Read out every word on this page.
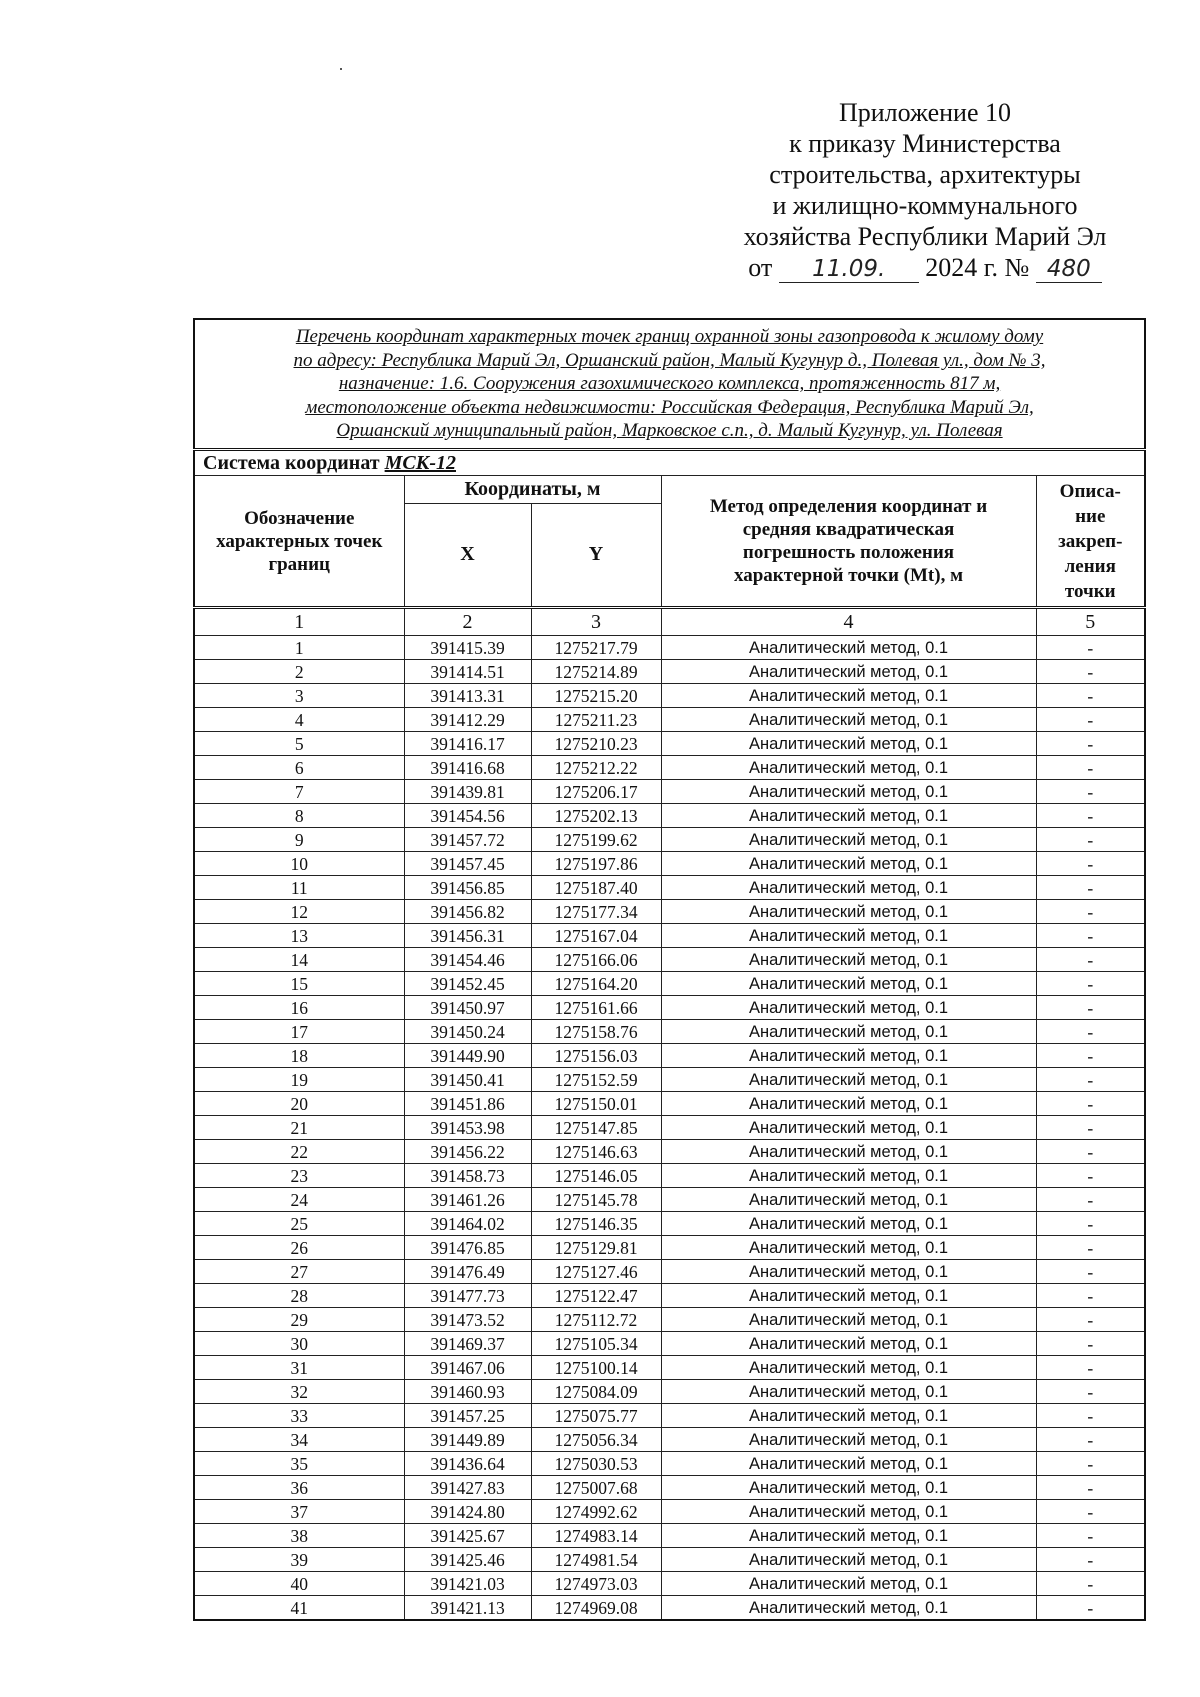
Приложение 10
к приказу Министерства
строительства, архитектуры
и жилищно-коммунального
хозяйства Республики Марий Эл
от 11.09. 2024 г. № 480
Перечень координат характерных точек границ охранной зоны газопровода к жилому дому
по адресу: Республика Марий Эл, Оршанский район, Малый Кугунур д., Полевая ул., дом № 3,
назначение: 1.6. Сооружения газохимического комплекса, протяженность 817 м,
местоположение объекта недвижимости: Российская Федерация, Республика Марий Эл,
Оршанский муниципальный район, Марковское с.п., д. Малый Кугунур, ул. Полевая				

Система координат МСК-12				
Обозначение
характерных точек
границ	Координаты, м		Метод определения координат и
средняя квадратическая
погрешность положения
характерной точки (Mt), м	Описа-
ние
закреп-
ления
точки
	X	Y		
1	2	3	4	5
1	391415.39	1275217.79	Аналитический метод, 0.1	-
2	391414.51	1275214.89	Аналитический метод, 0.1	-
3	391413.31	1275215.20	Аналитический метод, 0.1	-
4	391412.29	1275211.23	Аналитический метод, 0.1	-
5	391416.17	1275210.23	Аналитический метод, 0.1	-
6	391416.68	1275212.22	Аналитический метод, 0.1	-
7	391439.81	1275206.17	Аналитический метод, 0.1	-
8	391454.56	1275202.13	Аналитический метод, 0.1	-
9	391457.72	1275199.62	Аналитический метод, 0.1	-
10	391457.45	1275197.86	Аналитический метод, 0.1	-
11	391456.85	1275187.40	Аналитический метод, 0.1	-
12	391456.82	1275177.34	Аналитический метод, 0.1	-
13	391456.31	1275167.04	Аналитический метод, 0.1	-
14	391454.46	1275166.06	Аналитический метод, 0.1	-
15	391452.45	1275164.20	Аналитический метод, 0.1	-
16	391450.97	1275161.66	Аналитический метод, 0.1	-
17	391450.24	1275158.76	Аналитический метод, 0.1	-
18	391449.90	1275156.03	Аналитический метод, 0.1	-
19	391450.41	1275152.59	Аналитический метод, 0.1	-
20	391451.86	1275150.01	Аналитический метод, 0.1	-
21	391453.98	1275147.85	Аналитический метод, 0.1	-
22	391456.22	1275146.63	Аналитический метод, 0.1	-
23	391458.73	1275146.05	Аналитический метод, 0.1	-
24	391461.26	1275145.78	Аналитический метод, 0.1	-
25	391464.02	1275146.35	Аналитический метод, 0.1	-
26	391476.85	1275129.81	Аналитический метод, 0.1	-
27	391476.49	1275127.46	Аналитический метод, 0.1	-
28	391477.73	1275122.47	Аналитический метод, 0.1	-
29	391473.52	1275112.72	Аналитический метод, 0.1	-
30	391469.37	1275105.34	Аналитический метод, 0.1	-
31	391467.06	1275100.14	Аналитический метод, 0.1	-
32	391460.93	1275084.09	Аналитический метод, 0.1	-
33	391457.25	1275075.77	Аналитический метод, 0.1	-
34	391449.89	1275056.34	Аналитический метод, 0.1	-
35	391436.64	1275030.53	Аналитический метод, 0.1	-
36	391427.83	1275007.68	Аналитический метод, 0.1	-
37	391424.80	1274992.62	Аналитический метод, 0.1	-
38	391425.67	1274983.14	Аналитический метод, 0.1	-
39	391425.46	1274981.54	Аналитический метод, 0.1	-
40	391421.03	1274973.03	Аналитический метод, 0.1	-
41	391421.13	1274969.08	Аналитический метод, 0.1	-
